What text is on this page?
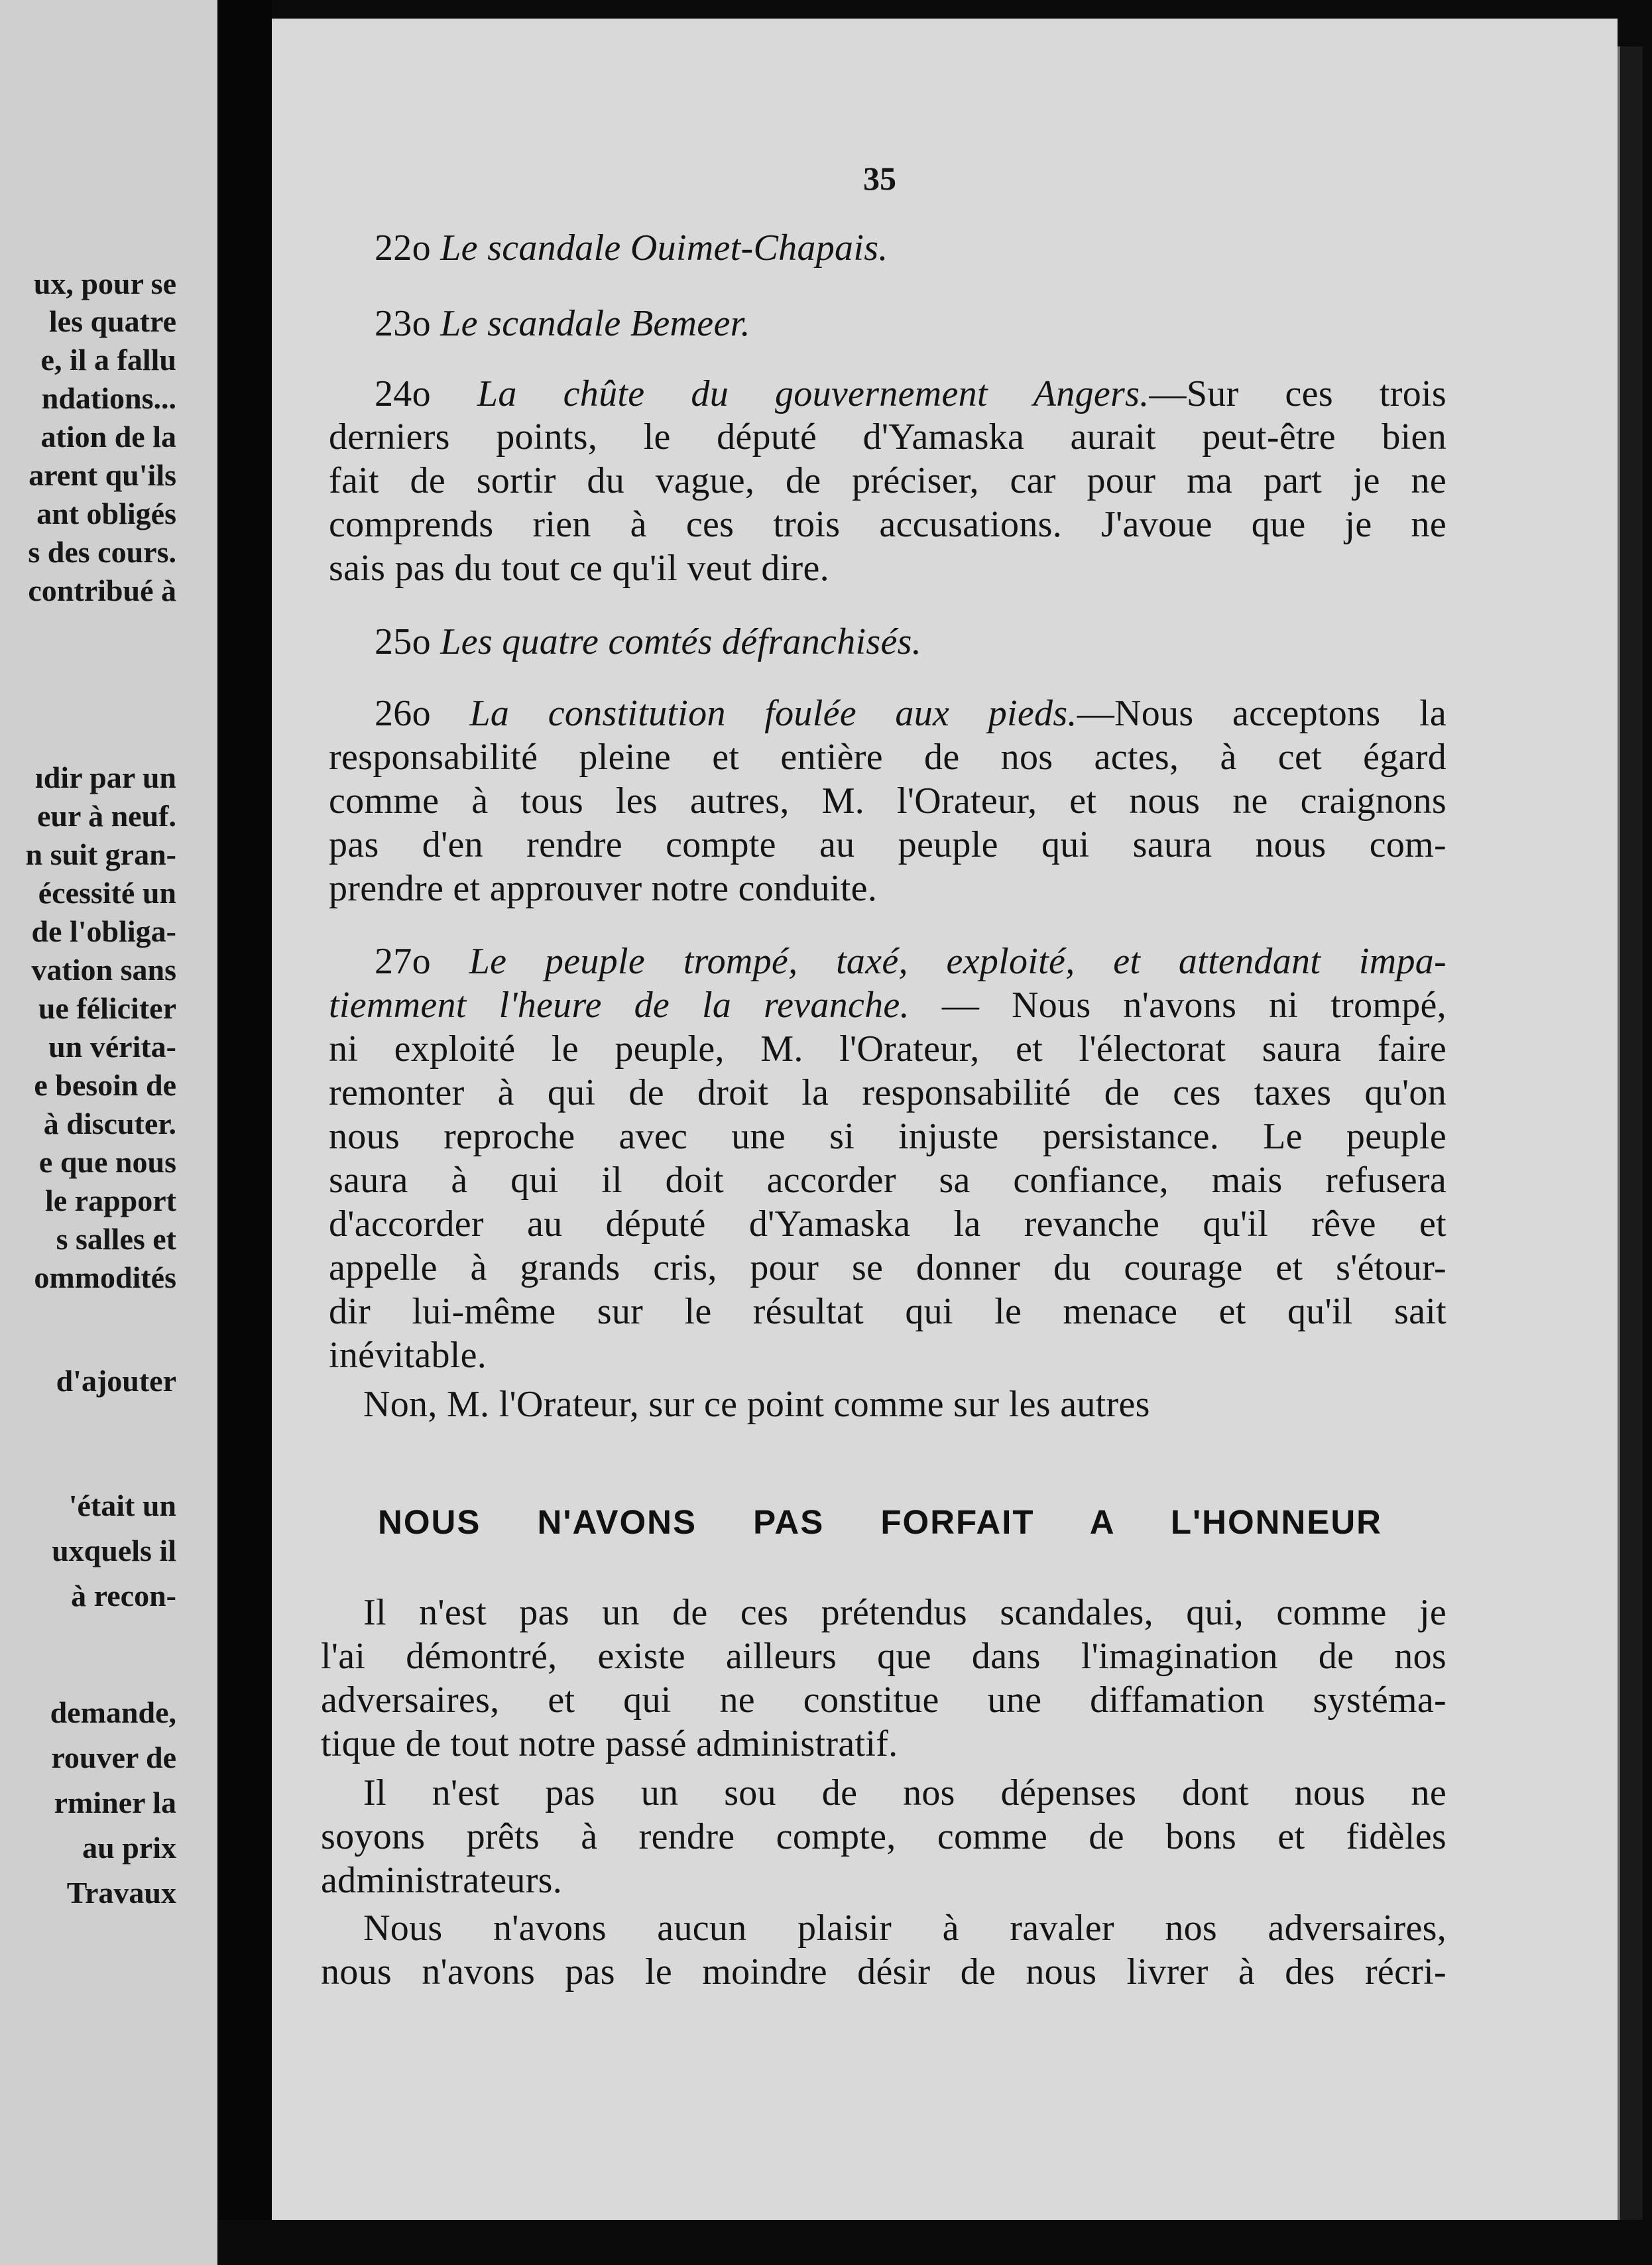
ux, pour se
les quatre
e, il a fallu
ndations...
ation de la
arent qu'ils
ant obligés
s des cours.
contribué à
ıdir par un
eur à neuf.
n suit gran-
écessité un
de l'obliga-
vation sans
ue féliciter
un vérita-
e besoin de
à discuter.
e que nous
le rapport
s salles et
ommodités
d'ajouter
'était un
uxquels il
à recon-
demande,
rouver de
rminer la
au prix
Travaux
35
22o Le scandale Ouimet-Chapais.
23o Le scandale Bemeer.
24o La chûte du gouvernement Angers.—Sur ces trois
derniers points, le député d'Yamaska aurait peut-être bien
fait de sortir du vague, de préciser, car pour ma part je ne
comprends rien à ces trois accusations. J'avoue que je ne
sais pas du tout ce qu'il veut dire.
25o Les quatre comtés défranchisés.
26o La constitution foulée aux pieds.—Nous acceptons la
responsabilité pleine et entière de nos actes, à cet égard
comme à tous les autres, M. l'Orateur, et nous ne craignons
pas d'en rendre compte au peuple qui saura nous com-
prendre et approuver notre conduite.
27o Le peuple trompé, taxé, exploité, et attendant impa-
tiemment l'heure de la revanche. — Nous n'avons ni trompé,
ni exploité le peuple, M. l'Orateur, et l'électorat saura faire
remonter à qui de droit la responsabilité de ces taxes qu'on
nous reproche avec une si injuste persistance. Le peuple
saura à qui il doit accorder sa confiance, mais refusera
d'accorder au député d'Yamaska la revanche qu'il rêve et
appelle à grands cris, pour se donner du courage et s'étour-
dir lui-même sur le résultat qui le menace et qu'il sait
inévitable.
Non, M. l'Orateur, sur ce point comme sur les autres
NOUS N'AVONS PAS FORFAIT A L'HONNEUR
Il n'est pas un de ces prétendus scandales, qui, comme je
l'ai démontré, existe ailleurs que dans l'imagination de nos
adversaires, et qui ne constitue une diffamation systéma-
tique de tout notre passé administratif.
Il n'est pas un sou de nos dépenses dont nous ne
soyons prêts à rendre compte, comme de bons et fidèles
administrateurs.
Nous n'avons aucun plaisir à ravaler nos adversaires,
nous n'avons pas le moindre désir de nous livrer à des récri-
